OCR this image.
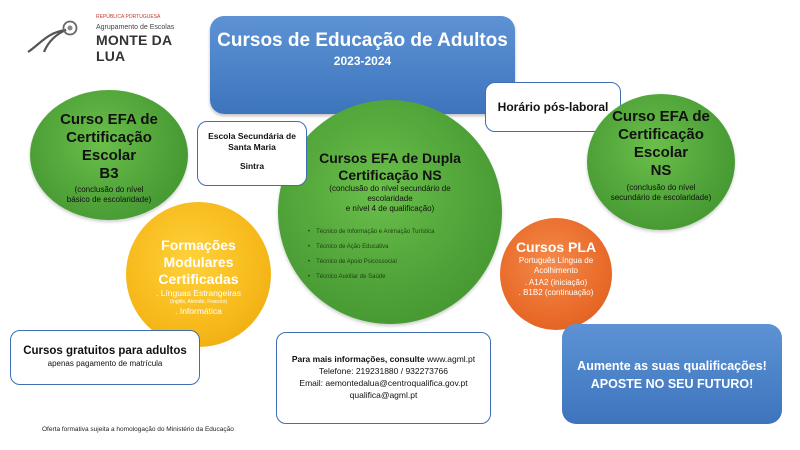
REPÚBLICA PORTUGUESA
Agrupamento de Escolas
MONTE DA LUA
Cursos de Educação de Adultos
2023-2024
Horário pós-laboral
Curso EFA de
Certificação
Escolar
B3
(conclusão do nível
básico de escolaridade)
Cursos EFA de Dupla
Certificação NS
(conclusão do nível secundário de
escolaridade
e nível 4 de qualificação)
• Técnico de Informação e Animação Turística
• Técnico de Ação Educativa
• Técnico de Apoio Psicossocial
• Técnico Auxiliar de Saúde
Escola Secundária de
Santa Maria
Sintra
Curso EFA de
Certificação
Escolar
NS
(conclusão do nível
secundário de escolaridade)
Formações
Modulares
Certificadas
. Línguas Estrangeiras
(Inglês, Alemão, Francês)
. Informática
Cursos PLA
Português Língua de
Acolhimento
. A1A2 (iniciação)
. B1B2 (continuação)
Cursos gratuitos para adultos
apenas pagamento de matrícula	Para mais informações, consulte www.agml.pt
Telefone: 219231880 / 932273766
Email: aemontedalua@centroqualifica.gov.pt
qualifica@agml.pt
Aumente as suas qualificações!
APOSTE NO SEU FUTURO!
Oferta formativa sujeita a homologação do Ministério da Educação
